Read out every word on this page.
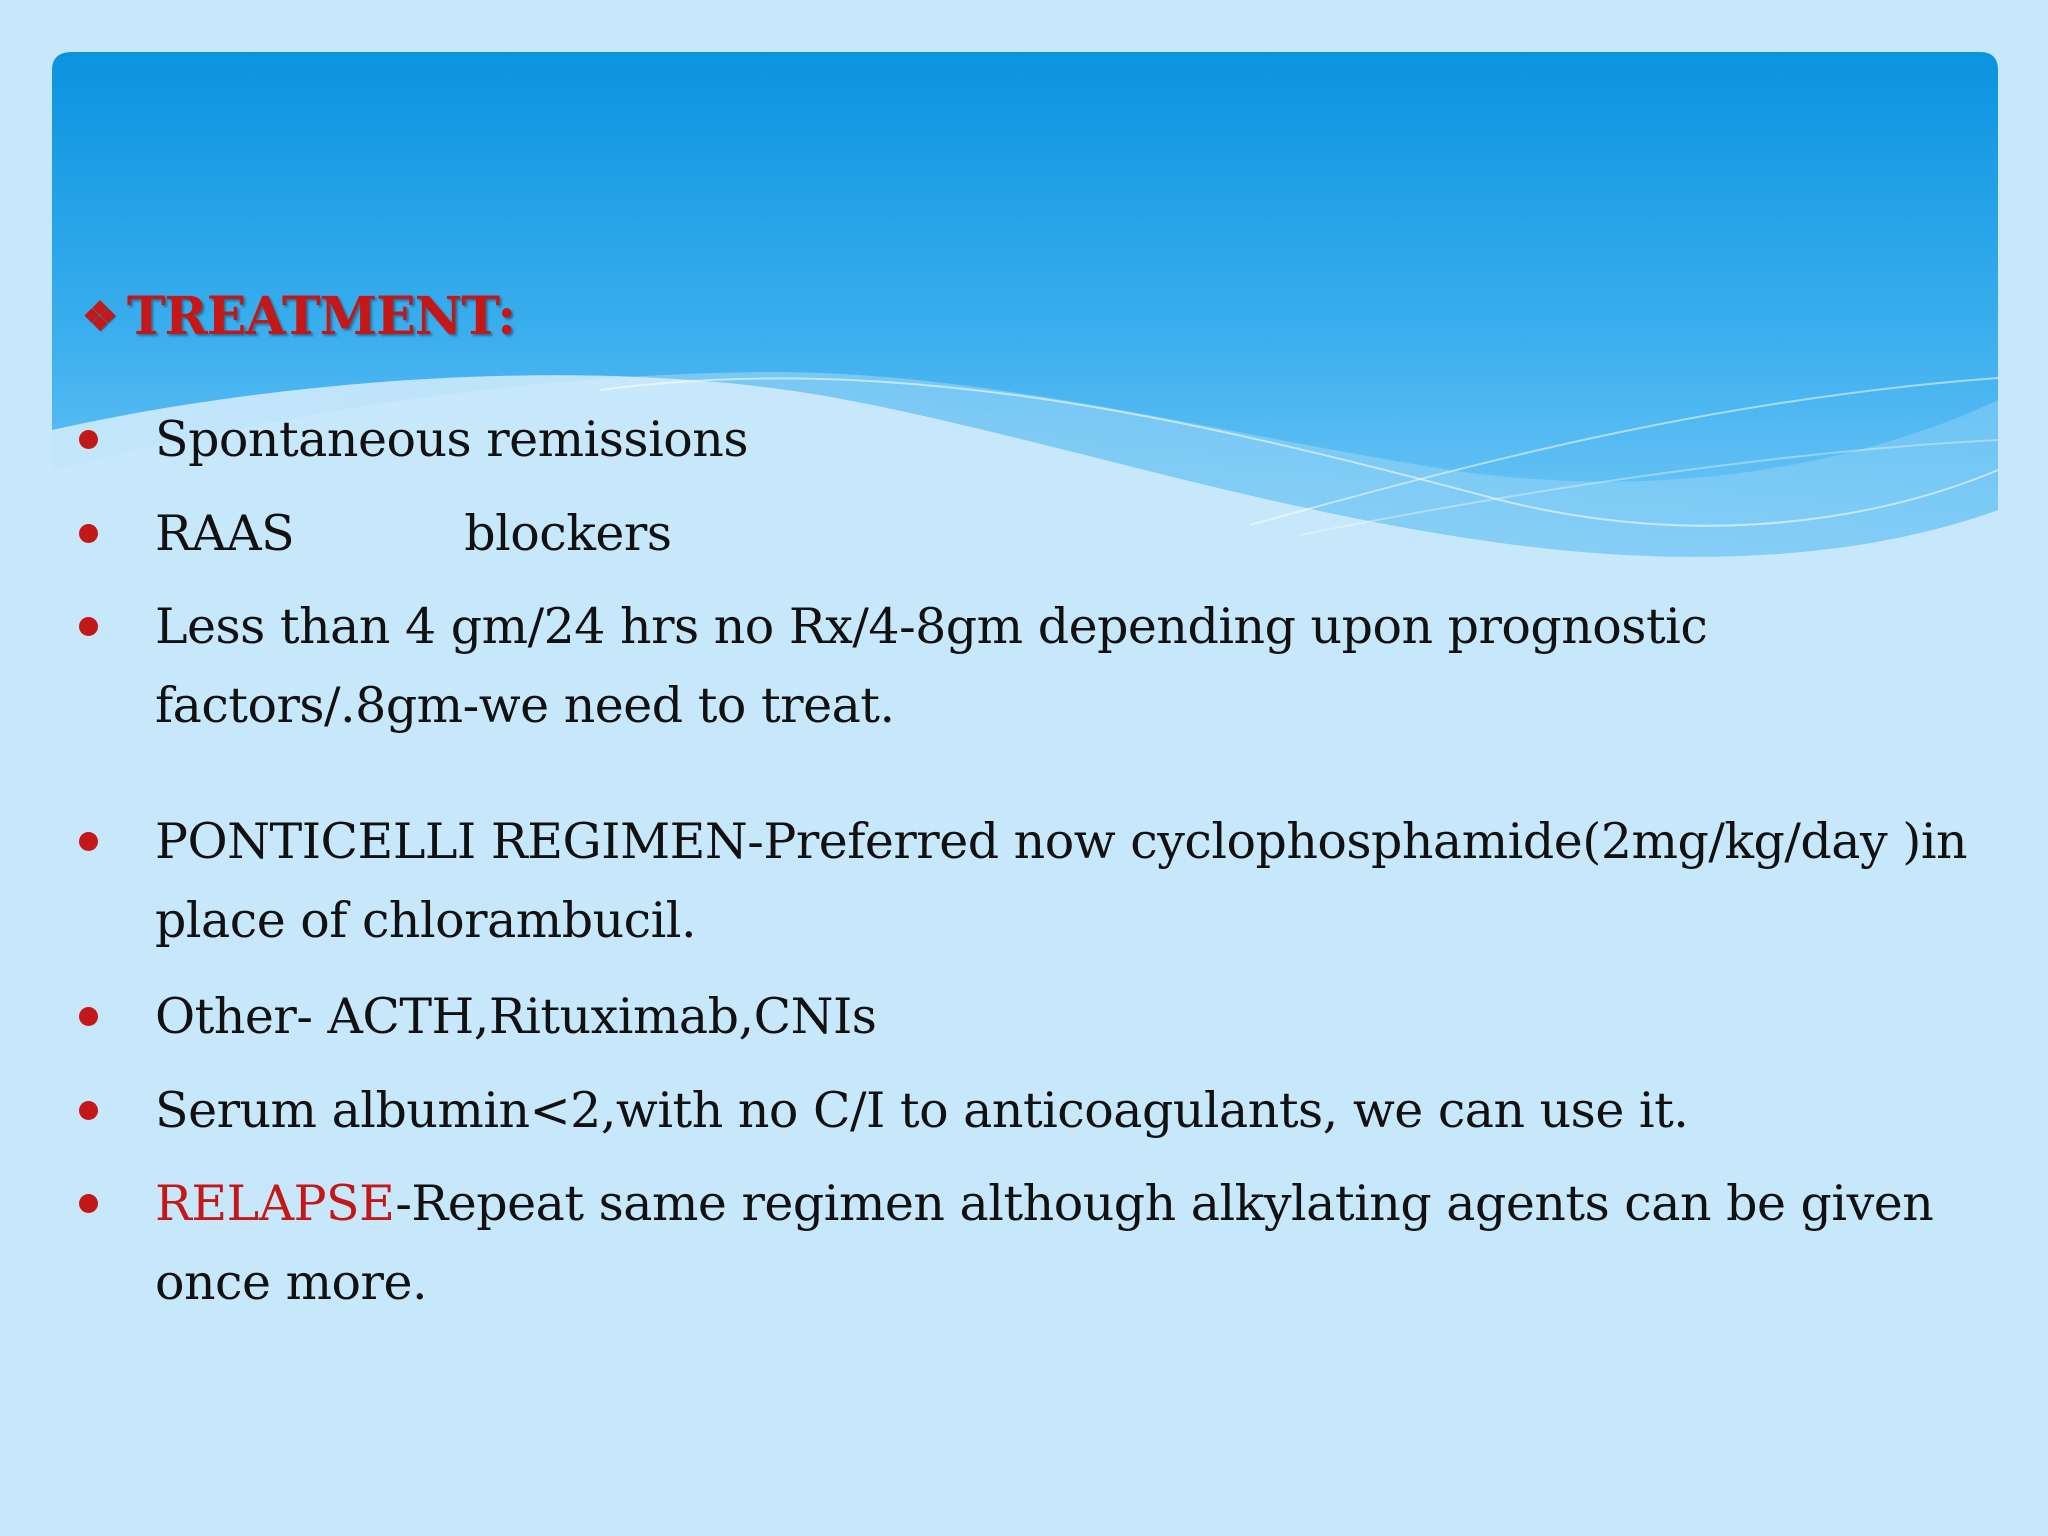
❖ TREATMENT:
Spontaneous remissions
RAAS	blockers
Less than 4 gm/24 hrs no Rx/4-8gm depending upon prognostic factors/.8gm-we need to treat.
PONTICELLI REGIMEN-Preferred now cyclophosphamide(2mg/kg/day )in place of chlorambucil.
Other- ACTH,Rituximab,CNIs
Serum albumin<2,with no C/I to anticoagulants, we can use it.
RELAPSE-Repeat same regimen although alkylating agents can be given once more.
